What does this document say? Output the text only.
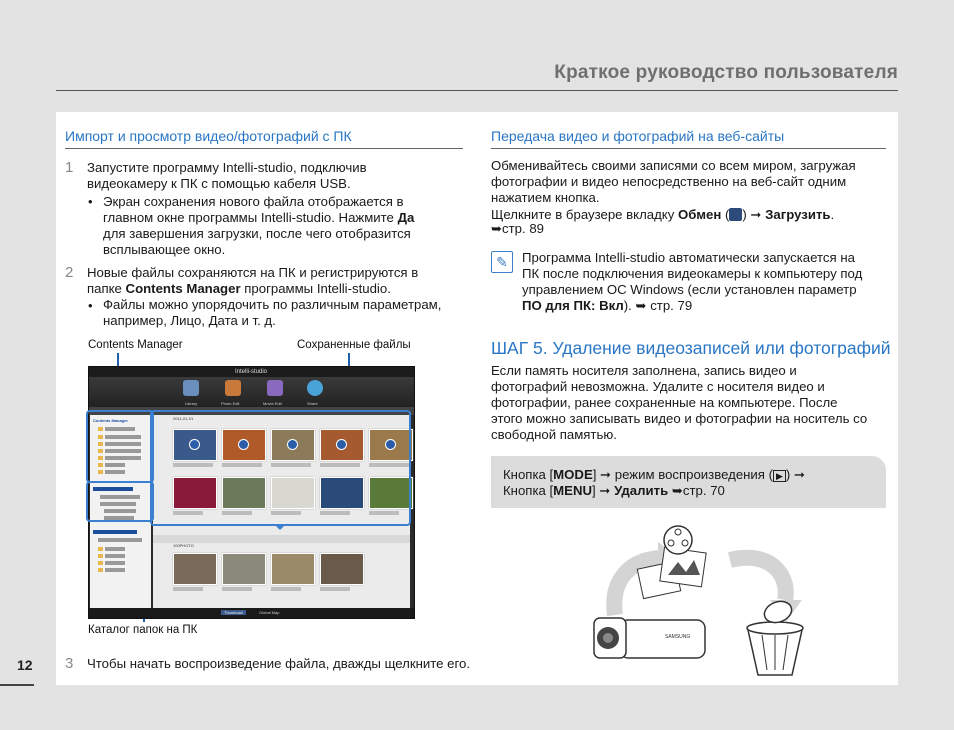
Краткое руководство пользователя
Импорт и просмотр видео/фотографий с ПК
1 Запустите программу Intelli-studio, подключив
видеокамеру к ПК с помощью кабеля USB.
• Экран сохранения нового файла отображается в
главном окне программы Intelli-studio. Нажмите Да
для завершения загрузки, после чего отобразится
всплывающее окно.
2 Новые файлы сохраняются на ПК и регистрируются в
папке Contents Manager программы Intelli-studio.
• Файлы можно упорядочить по различным параметрам,
например, Лицо, Дата и т. д.
Contents Manager	Сохраненные файлы
Каталог папок на ПК
Intelli-studio
Library	Photo Edit	Movie Edit	Share
Contents Manager	2011-01-01
100PHOTO
Thumbnail	Global Map
3 Чтобы начать воспроизведение файла, дважды щелкните его.
Передача видео и фотографий на веб-сайты
Обменивайтесь своими записями со всем миром, загружая
фотографии и видео непосредственно на веб-сайт одним
нажатием кнопка.
Щелкните в браузере вкладку Обмен ( ) ➞ Загрузить.
➥стр. 89
✎	Программа Intelli-studio автоматически запускается на
ПК после подключения видеокамеры к компьютеру под
управлением ОС Windows (если установлен параметр
ПО для ПК: Вкл). ➥ стр. 79
ШАГ 5. Удаление видеозаписей или фотографий
Если память носителя заполнена, запись видео и
фотографий невозможна. Удалите с носителя видео и
фотографии, ранее сохраненные на компьютере. После
этого можно записывать видео и фотографии на носитель со
свободной памятью.
Кнопка [MODE] ➞ режим воспроизведения ( ▶ ) ➞
Кнопка [MENU] ➞ Удалить ➥стр. 70
SAMSUNG
12
